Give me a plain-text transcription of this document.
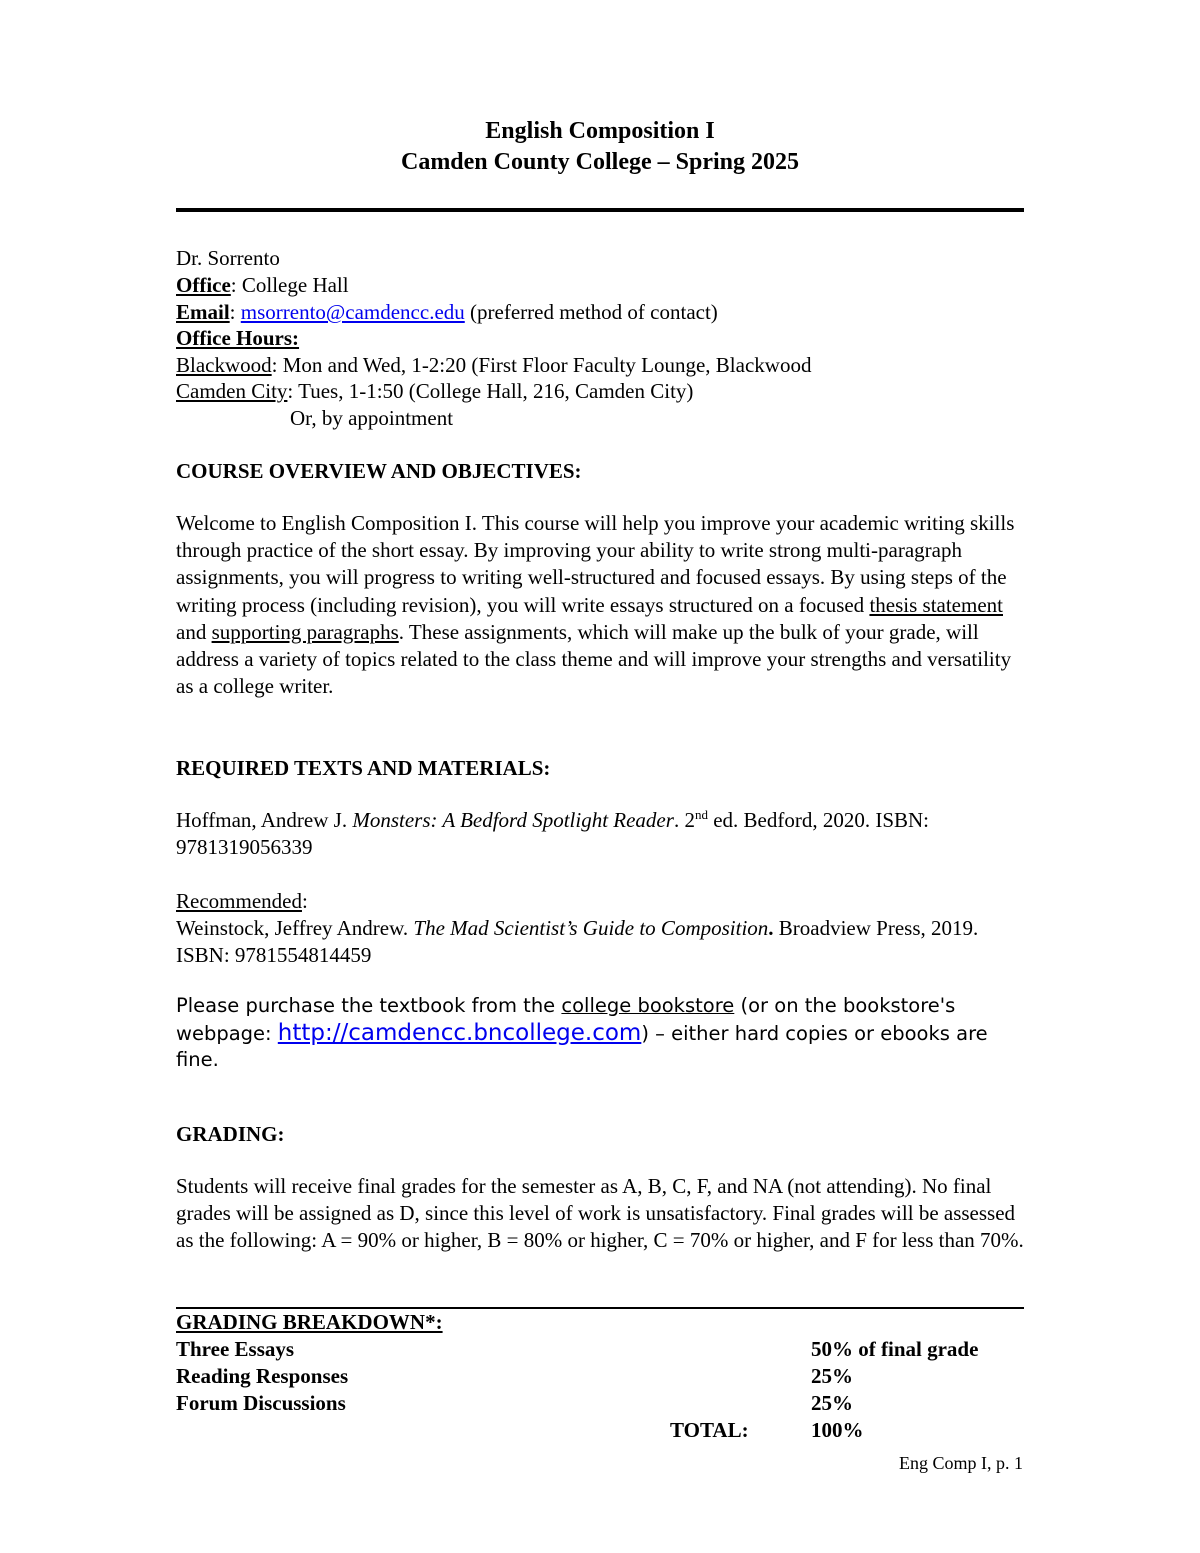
English Composition I
Camden County College – Spring 2025
Dr. Sorrento
Office: College Hall
Email: msorrento@camdencc.edu (preferred method of contact)
Office Hours:
Blackwood: Mon and Wed, 1-2:20 (First Floor Faculty Lounge, Blackwood
Camden City: Tues, 1-1:50 (College Hall, 216, Camden City)
Or, by appointment
COURSE OVERVIEW AND OBJECTIVES:
Welcome to English Composition I. This course will help you improve your academic writing skills through practice of the short essay. By improving your ability to write strong multi-paragraph assignments, you will progress to writing well-structured and focused essays. By using steps of the writing process (including revision), you will write essays structured on a focused thesis statement and supporting paragraphs. These assignments, which will make up the bulk of your grade, will address a variety of topics related to the class theme and will improve your strengths and versatility as a college writer.
REQUIRED TEXTS AND MATERIALS:
Hoffman, Andrew J. Monsters: A Bedford Spotlight Reader. 2nd ed. Bedford, 2020. ISBN: 9781319056339
Recommended:
Weinstock, Jeffrey Andrew. The Mad Scientist’s Guide to Composition. Broadview Press, 2019. ISBN: 9781554814459
Please purchase the textbook from the college bookstore (or on the bookstore's webpage: http://camdencc.bncollege.com) – either hard copies or ebooks are fine.
GRADING:
Students will receive final grades for the semester as A, B, C, F, and NA (not attending). No final grades will be assigned as D, since this level of work is unsatisfactory. Final grades will be assessed as the following: A = 90% or higher, B = 80% or higher, C = 70% or higher, and F for less than 70%.
GRADING BREAKDOWN*:
Three Essays	50% of final grade
Reading Responses	25%
Forum Discussions	25%
TOTAL:	100%
Eng Comp I, p. 1
